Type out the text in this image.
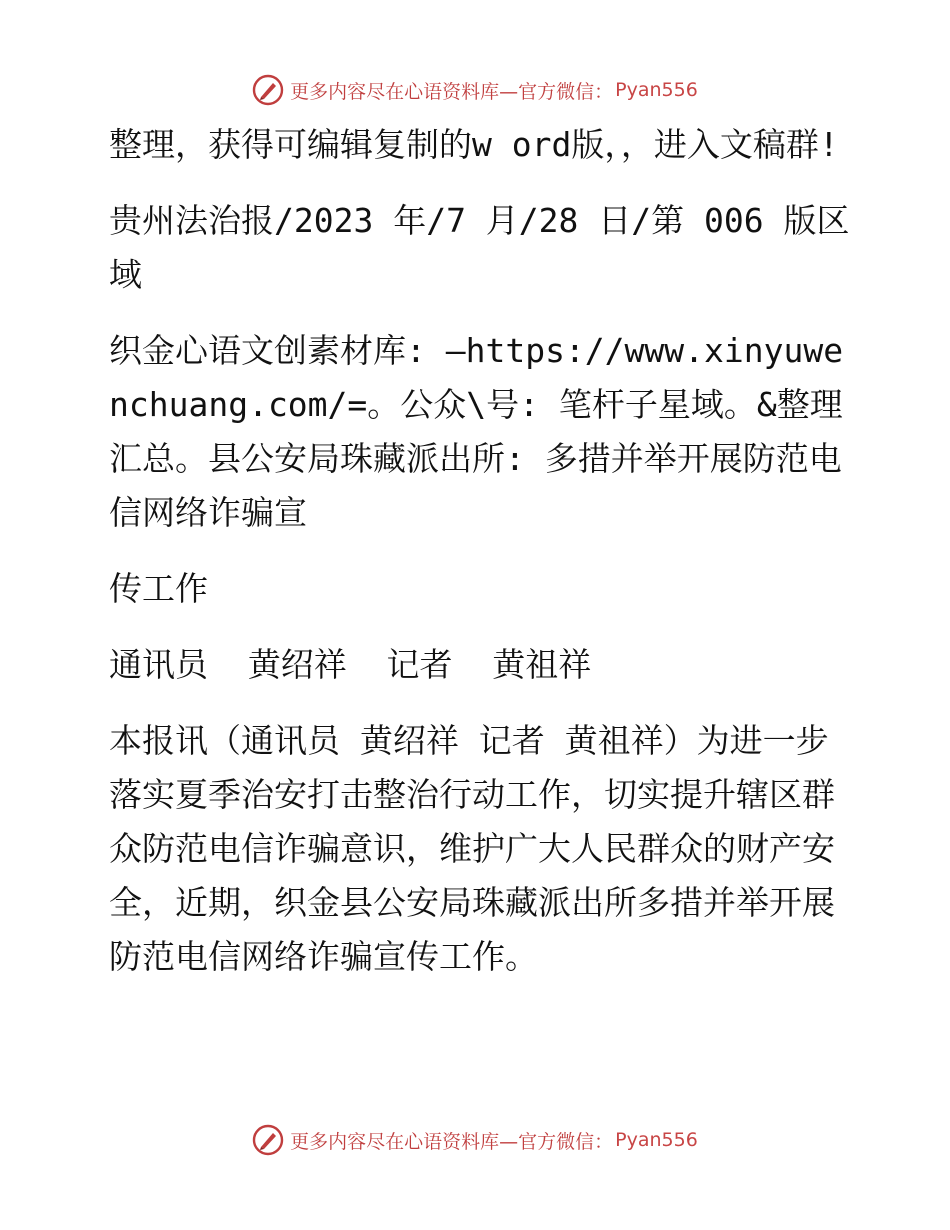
更多内容尽在心语资料库—官方微信： Pyan556

整理，获得可编辑复制的w ord版，，进入文稿群!

贵州法治报/2023 年/7 月/28 日/第 006 版区域

织金心语文创素材库: —https://www.xinyuwenchuang.com/=。公众\号: 笔杆子星域。&整理汇总。县公安局珠藏派出所: 多措并举开展防范电信网络诈骗宣

传工作

通讯员  黄绍祥  记者  黄祖祥

本报讯（通讯员 黄绍祥 记者 黄祖祥）为进一步落实夏季治安打击整治行动工作，切实提升辖区群众防范电信诈骗意识，维护广大人民群众的财产安全，近期，织金县公安局珠藏派出所多措并举开展防范电信网络诈骗宣传工作。

更多内容尽在心语资料库—官方微信： Pyan556
